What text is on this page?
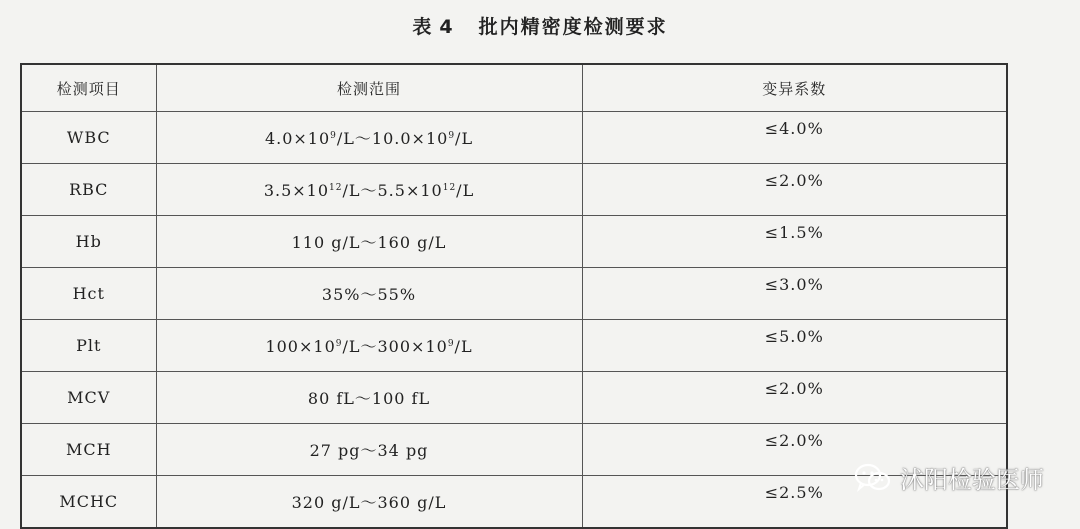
表 4 批内精密度检测要求
检测项目	检测范围	变异系数
WBC	$4.0\times 10^9/L\sim 10.0\times 10^9/L$	≤4.0%
RBC	$3.5\times 10^{12}/L\sim 5.5\times 10^{12}/L$	≤2.0%
Hb	110 g/L～160 g/L	≤1.5%
Hct	35%～55%	≤3.0%
Plt	$100\times 10^9/L\sim 300\times 10^9/L$	≤5.0%
MCV	80 fL～100 fL	≤2.0%
MCH	27 pg～34 pg	≤2.0%
MCHC	320 g/L～360 g/L	≤2.5%	沭阳检验医师
